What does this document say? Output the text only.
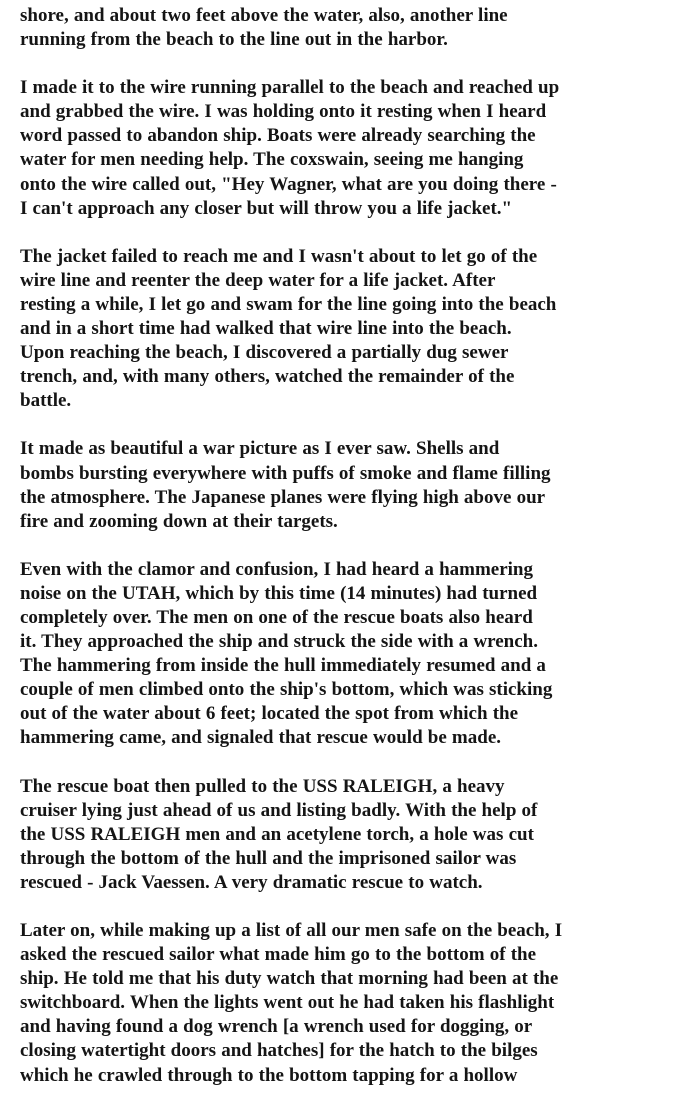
shore, and about two feet above the water, also, another line
running from the beach to the line out in the harbor.

I made it to the wire running parallel to the beach and reached up
and grabbed the wire. I was holding onto it resting when I heard
word passed to abandon ship. Boats were already searching the
water for men needing help. The coxswain, seeing me hanging
onto the wire called out, "Hey Wagner, what are you doing there -
I can't approach any closer but will throw you a life jacket."

The jacket failed to reach me and I wasn't about to let go of the
wire line and reenter the deep water for a life jacket. After
resting a while, I let go and swam for the line going into the beach
and in a short time had walked that wire line into the beach.
Upon reaching the beach, I discovered a partially dug sewer
trench, and, with many others, watched the remainder of the
battle.

It made as beautiful a war picture as I ever saw. Shells and
bombs bursting everywhere with puffs of smoke and flame filling
the atmosphere. The Japanese planes were flying high above our
fire and zooming down at their targets.

Even with the clamor and confusion, I had heard a hammering
noise on the UTAH, which by this time (14 minutes) had turned
completely over. The men on one of the rescue boats also heard
it. They approached the ship and struck the side with a wrench.
The hammering from inside the hull immediately resumed and a
couple of men climbed onto the ship's bottom, which was sticking
out of the water about 6 feet; located the spot from which the
hammering came, and signaled that rescue would be made.

The rescue boat then pulled to the USS RALEIGH, a heavy
cruiser lying just ahead of us and listing badly. With the help of
the USS RALEIGH men and an acetylene torch, a hole was cut
through the bottom of the hull and the imprisoned sailor was
rescued - Jack Vaessen. A very dramatic rescue to watch.

Later on, while making up a list of all our men safe on the beach, I
asked the rescued sailor what made him go to the bottom of the
ship. He told me that his duty watch that morning had been at the
switchboard. When the lights went out he had taken his flashlight
and having found a dog wrench [a wrench used for dogging, or
closing watertight doors and hatches] for the hatch to the bilges
which he crawled through to the bottom tapping for a hollow
